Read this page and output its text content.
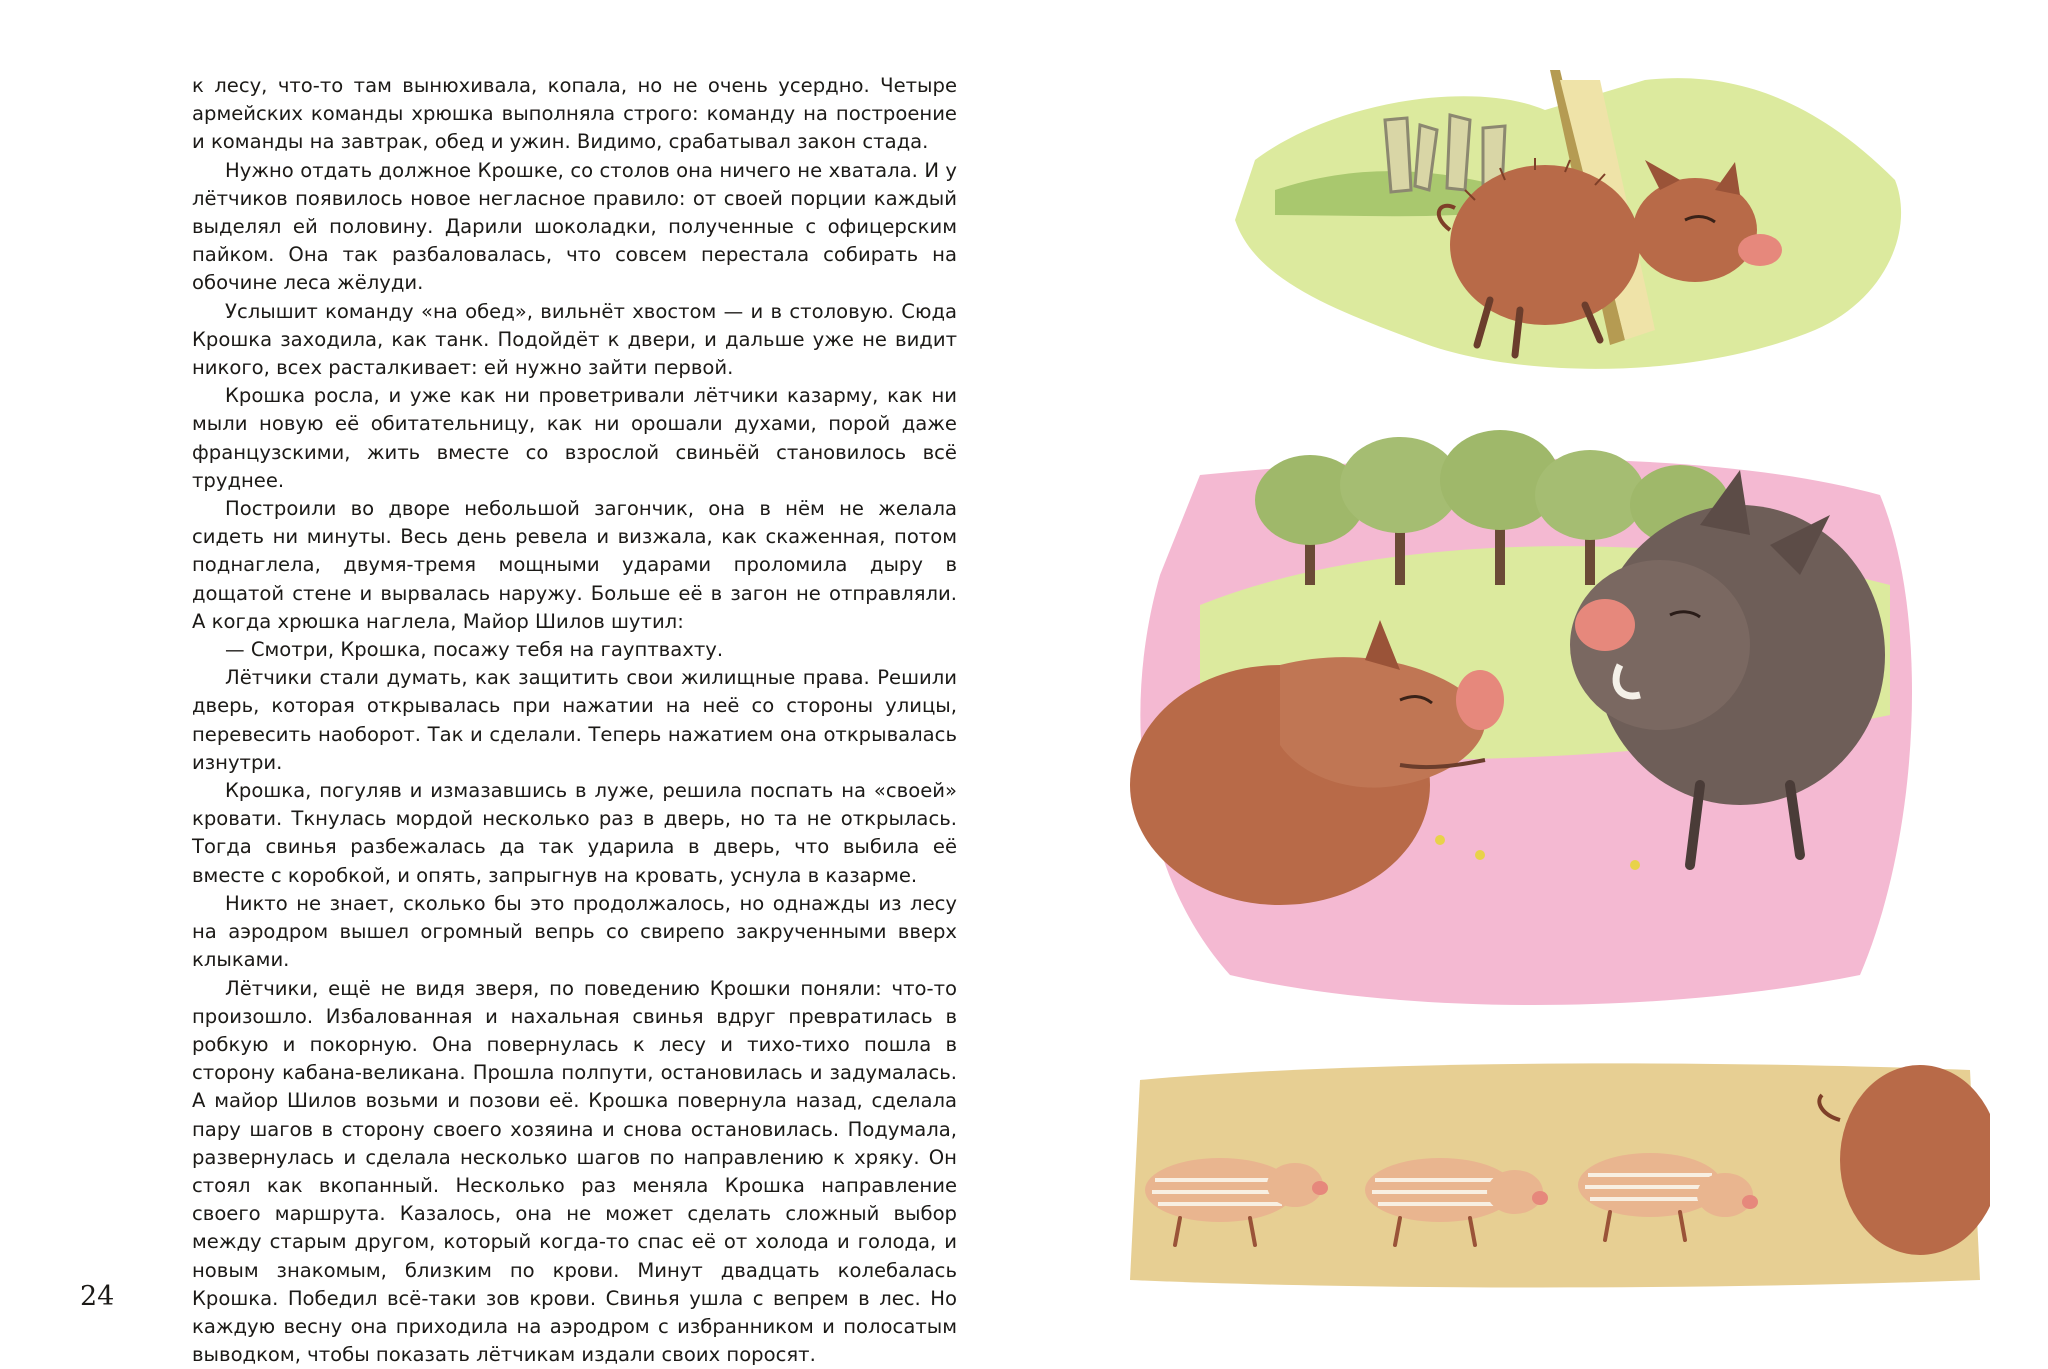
к лесу, что-то там вынюхивала, копала, но не очень усердно. Четыре армейских команды хрюшка выполняла строго: команду на построение и команды на завтрак, обед и ужин. Видимо, срабатывал закон стада.

Нужно отдать должное Крошке, со столов она ничего не хватала. И у лётчиков появилось новое негласное правило: от своей порции каждый выделял ей половину. Дарили шоколадки, полученные с офицерским пайком. Она так разбаловалась, что совсем перестала собирать на обочине леса жёлуди.

Услышит команду «на обед», вильнёт хвостом — и в столовую. Сюда Крошка заходила, как танк. Подойдёт к двери, и дальше уже не видит никого, всех расталкивает: ей нужно зайти первой.

Крошка росла, и уже как ни проветривали лётчики казарму, как ни мыли новую её обитательницу, как ни орошали духами, порой даже французскими, жить вместе со взрослой свиньёй становилось всё труднее.

Построили во дворе небольшой загончик, она в нём не желала сидеть ни минуты. Весь день ревела и визжала, как скаженная, потом поднаглела, двумя-тремя мощными ударами проломила дыру в дощатой стене и вырвалась наружу. Больше её в загон не отправляли. А когда хрюшка наглела, Майор Шилов шутил:

— Смотри, Крошка, посажу тебя на гауптвахту.

Лётчики стали думать, как защитить свои жилищные права. Решили дверь, которая открывалась при нажатии на неё со стороны улицы, перевесить наоборот. Так и сделали. Теперь нажатием она открывалась изнутри.

Крошка, погуляв и измазавшись в луже, решила поспать на «своей» кровати. Ткнулась мордой несколько раз в дверь, но та не открылась. Тогда свинья разбежалась да так ударила в дверь, что выбила её вместе с коробкой, и опять, запрыгнув на кровать, уснула в казарме.

Никто не знает, сколько бы это продолжалось, но однажды из лесу на аэродром вышел огромный вепрь со свирепо закрученными вверх клыками.

Лётчики, ещё не видя зверя, по поведению Крошки поняли: что-то произошло. Избалованная и нахальная свинья вдруг превратилась в робкую и покорную. Она повернулась к лесу и тихо-тихо пошла в сторону кабана-великана. Прошла полпути, остановилась и задумалась. А майор Шилов возьми и позови её. Крошка повернула назад, сделала пару шагов в сторону своего хозяина и снова остановилась. Подумала, развернулась и сделала несколько шагов по направлению к хряку. Он стоял как вкопанный. Несколько раз меняла Крошка направление своего маршрута. Казалось, она не может сделать сложный выбор между старым другом, который когда-то спас её от холода и голода, и новым знакомым, близким по крови. Минут двадцать колебалась Крошка. Победил всё-таки зов крови. Свинья ушла с вепрем в лес. Но каждую весну она приходила на аэродром с избранником и полосатым выводком, чтобы показать лётчикам издали своих поросят.

24
